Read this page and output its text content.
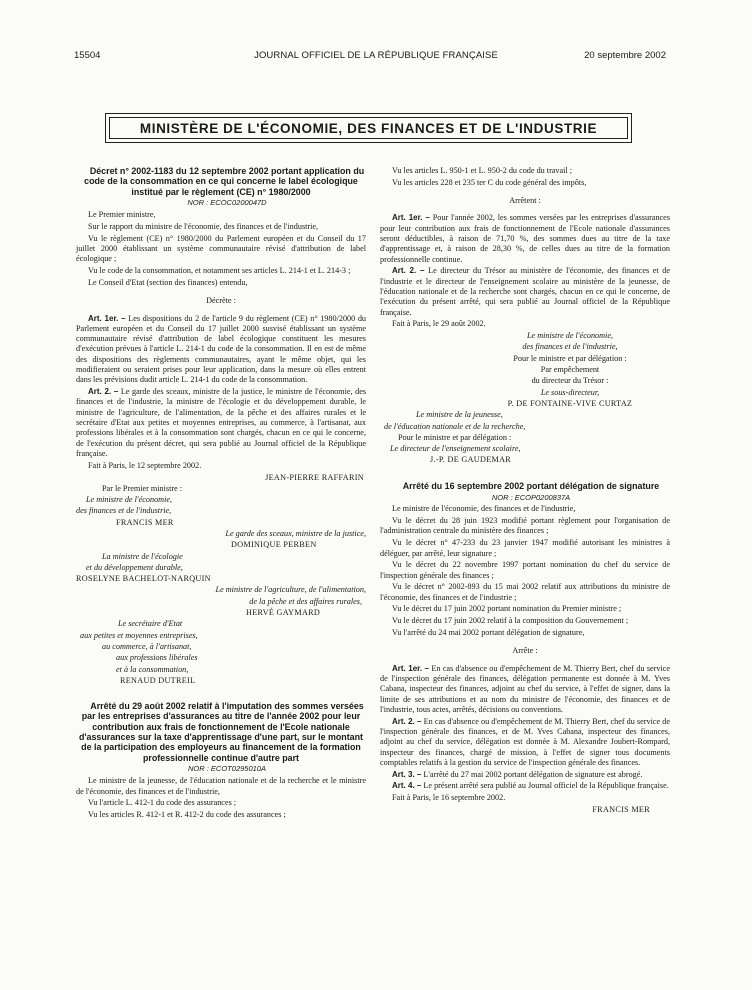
15504	JOURNAL OFFICIEL DE LA RÉPUBLIQUE FRANÇAISE	20 septembre 2002
MINISTÈRE DE L'ÉCONOMIE, DES FINANCES ET DE L'INDUSTRIE

Décret n° 2002-1183 du 12 septembre 2002 portant application du code de la consommation en ce qui concerne le label écologique institué par le règlement (CE) n° 1980/2000

NOR : ECOC0200047D

Le Premier ministre,

Sur le rapport du ministre de l'économie, des finances et de l'industrie,

Vu le règlement (CE) n° 1980/2000 du Parlement européen et du Conseil du 17 juillet 2000 établissant un système communautaire révisé d'attribution de label écologique ;

Vu le code de la consommation, et notamment ses articles L. 214-1 et L. 214-3 ;

Le Conseil d'Etat (section des finances) entendu,

Décrète :

Art. 1er. – Les dispositions du 2 de l'article 9 du règlement (CE) n° 1980/2000 du Parlement européen et du Conseil du 17 juillet 2000 susvisé établissant un système communautaire révisé d'attribution de label écologique constituent les mesures d'exécution prévues à l'article L. 214-1 du code de la consommation. Il en est de même des dispositions des règlements communautaires, ayant le même objet, qui les modifieraient ou seraient prises pour leur application, dans la mesure où elles entrent dans les prévisions dudit article L. 214-1 du code de la consommation.

Art. 2. – Le garde des sceaux, ministre de la justice, le ministre de l'économie, des finances et de l'industrie, la ministre de l'écologie et du développement durable, le ministre de l'agriculture, de l'alimentation, de la pêche et des affaires rurales et le secrétaire d'Etat aux petites et moyennes entreprises, au commerce, à l'artisanat, aux professions libérales et à la consommation sont chargés, chacun en ce qui le concerne, de l'exécution du présent décret, qui sera publié au Journal officiel de la République française.

Fait à Paris, le 12 septembre 2002.

JEAN-PIERRE RAFFARIN
Par le Premier ministre :
Le ministre de l'économie,
des finances et de l'industrie,
FRANCIS MER
Le garde des sceaux, ministre de la justice,
DOMINIQUE PERBEN
La ministre de l'écologie
et du développement durable,
ROSELYNE BACHELOT-NARQUIN
Le ministre de l'agriculture, de l'alimentation,
de la pêche et des affaires rurales,
HERVÉ GAYMARD
Le secrétaire d'Etat
aux petites et moyennes entreprises,
au commerce, à l'artisanat,
aux professions libérales
et à la consommation,
RENAUD DUTREIL

Arrêté du 29 août 2002 relatif à l'imputation des sommes versées par les entreprises d'assurances au titre de l'année 2002 pour leur contribution aux frais de fonctionnement de l'Ecole nationale d'assurances sur la taxe d'apprentissage d'une part, sur le montant de la participation des employeurs au financement de la formation professionnelle continue d'autre part

NOR : ECOT0295010A

Le ministre de la jeunesse, de l'éducation nationale et de la recherche et le ministre de l'économie, des finances et de l'industrie,

Vu l'article L. 412-1 du code des assurances ;

Vu les articles R. 412-1 et R. 412-2 du code des assurances ;

Vu les articles L. 950-1 et L. 950-2 du code du travail ;

Vu les articles 228 et 235 ter C du code général des impôts,

Arrêtent :

Art. 1er. – Pour l'année 2002, les sommes versées par les entreprises d'assurances pour leur contribution aux frais de fonctionnement de l'Ecole nationale d'assurances seront déductibles, à raison de 71,70 %, des sommes dues au titre de la taxe d'apprentissage et, à raison de 28,30 %, de celles dues au titre de la formation professionnelle continue.

Art. 2. – Le directeur du Trésor au ministère de l'économie, des finances et de l'industrie et le directeur de l'enseignement scolaire au ministère de la jeunesse, de l'éducation nationale et de la recherche sont chargés, chacun en ce qui le concerne, de l'exécution du présent arrêté, qui sera publié au Journal officiel de la République française.

Fait à Paris, le 29 août 2002.

Le ministre de l'économie,
des finances et de l'industrie,
Pour le ministre et par délégation :
Par empêchement
du directeur du Trésor :
Le sous-directeur,
P. DE FONTAINE-VIVE CURTAZ
Le ministre de la jeunesse,
de l'éducation nationale et de la recherche,
Pour le ministre et par délégation :
Le directeur de l'enseignement scolaire,
J.-P. DE GAUDEMAR

Arrêté du 16 septembre 2002 portant délégation de signature

NOR : ECOP0200837A

Le ministre de l'économie, des finances et de l'industrie,

Vu le décret du 28 juin 1923 modifié portant règlement pour l'organisation de l'administration centrale du ministère des finances ;

Vu le décret n° 47-233 du 23 janvier 1947 modifié autorisant les ministres à déléguer, par arrêté, leur signature ;

Vu le décret du 22 novembre 1997 portant nomination du chef du service de l'inspection générale des finances ;

Vu le décret n° 2002-893 du 15 mai 2002 relatif aux attributions du ministre de l'économie, des finances et de l'industrie ;

Vu le décret du 17 juin 2002 portant nomination du Premier ministre ;

Vu le décret du 17 juin 2002 relatif à la composition du Gouvernement ;

Vu l'arrêté du 24 mai 2002 portant délégation de signature,

Arrête :

Art. 1er. – En cas d'absence ou d'empêchement de M. Thierry Bert, chef du service de l'inspection générale des finances, délégation permanente est donnée à M. Yves Cabana, inspecteur des finances, adjoint au chef du service, à l'effet de signer, dans la limite de ses attributions et au nom du ministre de l'économie, des finances et de l'industrie, tous actes, arrêtés, décisions ou conventions.

Art. 2. – En cas d'absence ou d'empêchement de M. Thierry Bert, chef du service de l'inspection générale des finances, et de M. Yves Cabana, inspecteur des finances, adjoint au chef du service, délégation est donnée à M. Alexandre Joubert-Rompard, inspecteur des finances, chargé de mission, à l'effet de signer tous documents comptables relatifs à la gestion du service de l'inspection générale des finances.

Art. 3. – L'arrêté du 27 mai 2002 portant délégation de signature est abrogé.

Art. 4. – Le présent arrêté sera publié au Journal officiel de la République française.

Fait à Paris, le 16 septembre 2002.

FRANCIS MER
